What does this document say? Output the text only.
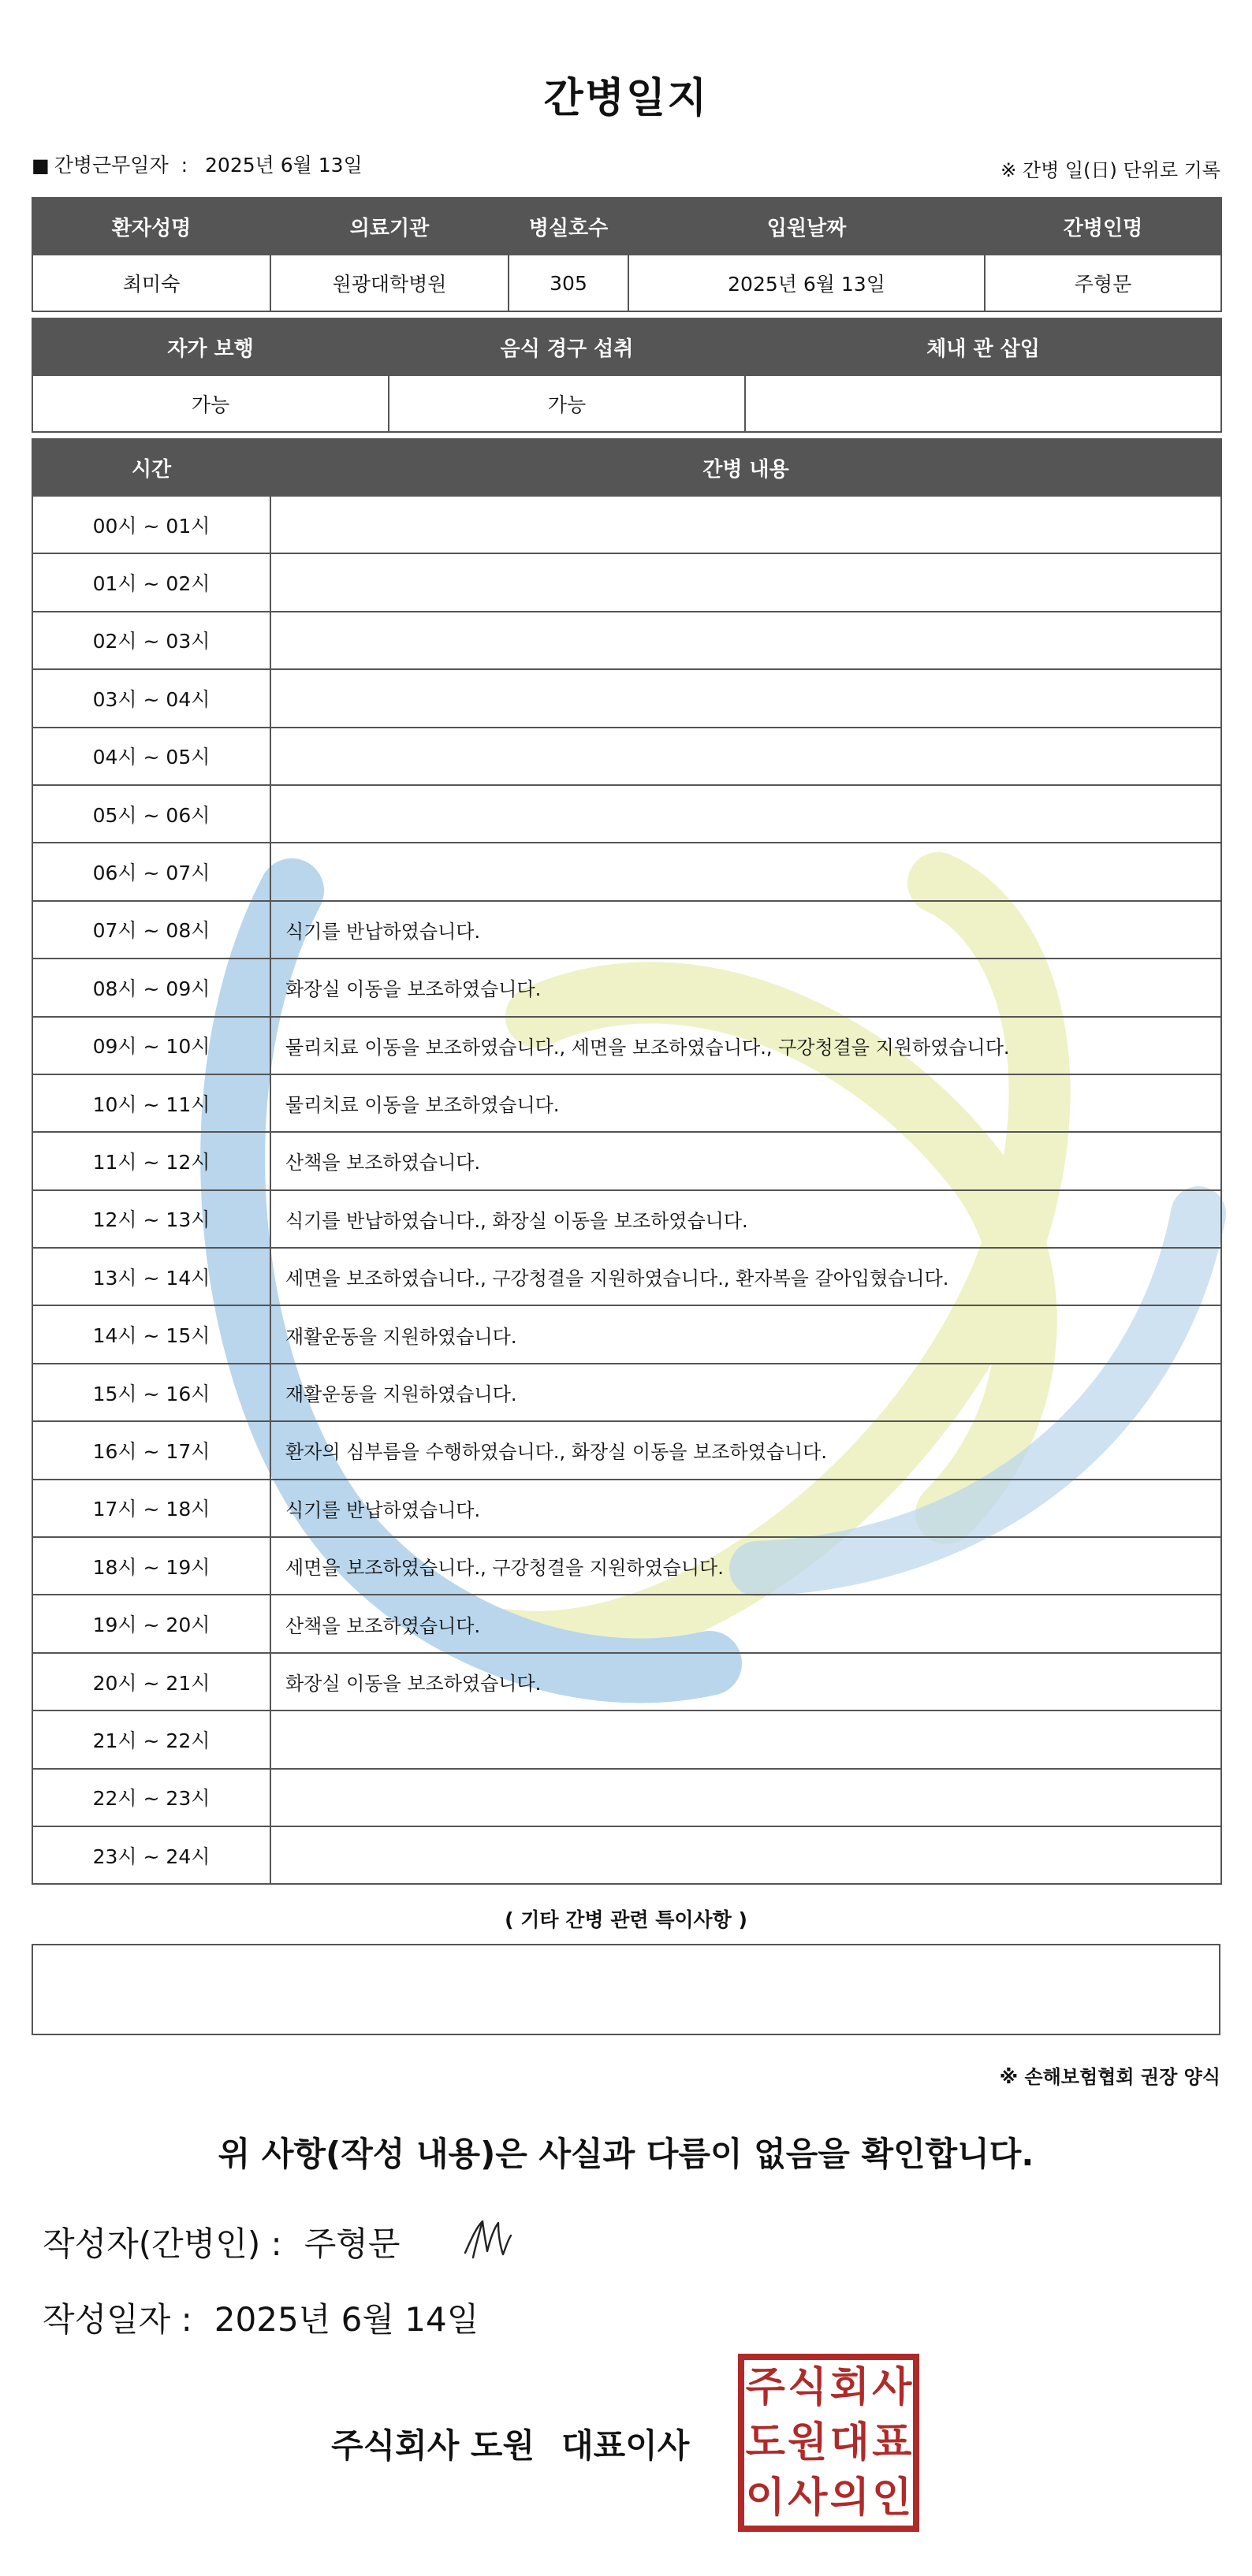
간병일지
■ 간병근무일자 : 2025년 6월 13일	※ 간병 일(日) 단위로 기록
환자성명	의료기관	병실호수	입원날짜	간병인명
최미숙	원광대학병원	305	2025년 6월 13일	주형문
자가 보행	음식 경구 섭취	체내 관 삽입
가능	가능	
시간	간병 내용
00시 ~ 01시	
01시 ~ 02시	
02시 ~ 03시	
03시 ~ 04시	
04시 ~ 05시	
05시 ~ 06시	
06시 ~ 07시	
07시 ~ 08시	식기를 반납하였습니다.
08시 ~ 09시	화장실 이동을 보조하였습니다.
09시 ~ 10시	물리치료 이동을 보조하였습니다., 세면을 보조하였습니다., 구강청결을 지원하였습니다.
10시 ~ 11시	물리치료 이동을 보조하였습니다.
11시 ~ 12시	산책을 보조하였습니다.
12시 ~ 13시	식기를 반납하였습니다., 화장실 이동을 보조하였습니다.
13시 ~ 14시	세면을 보조하였습니다., 구강청결을 지원하였습니다., 환자복을 갈아입혔습니다.
14시 ~ 15시	재활운동을 지원하였습니다.
15시 ~ 16시	재활운동을 지원하였습니다.
16시 ~ 17시	환자의 심부름을 수행하였습니다., 화장실 이동을 보조하였습니다.
17시 ~ 18시	식기를 반납하였습니다.
18시 ~ 19시	세면을 보조하였습니다., 구강청결을 지원하였습니다.
19시 ~ 20시	산책을 보조하였습니다.
20시 ~ 21시	화장실 이동을 보조하였습니다.
21시 ~ 22시	
22시 ~ 23시	
23시 ~ 24시	
( 기타 간병 관련 특이사항 )
※ 손해보험협회 권장 양식
위 사항(작성 내용)은 사실과 다름이 없음을 확인합니다.
작성자(간병인) : 주형문
작성일자 : 2025년 6월 14일
주식회사 도원 대표이사
주 식 회 사
도 원 대 표
이 사 의 인
